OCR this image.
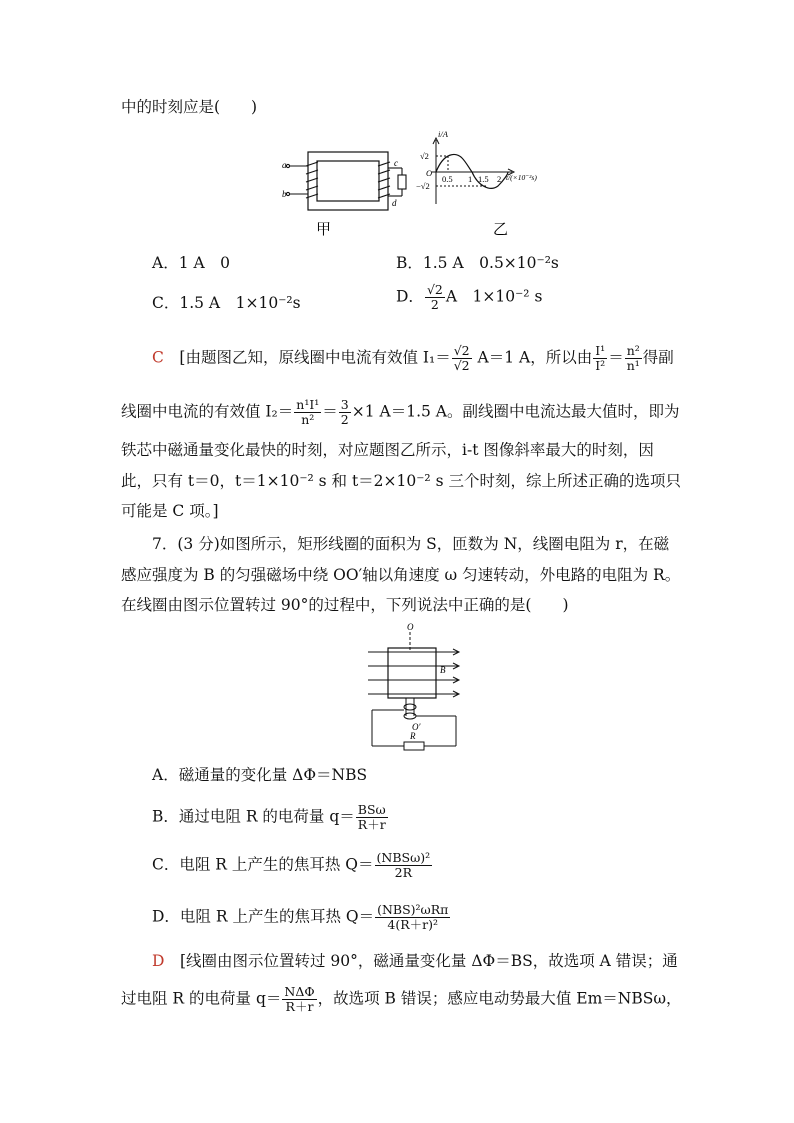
中的时刻应是(　　)
a
b
c
d
i/A
√2
−√2
O
0.5 1 1.5 2 t/(×10⁻²s)
甲	乙
A．1 A　0	B．1.5 A　0.5×10⁻²s
C．1.5 A　1×10⁻²s	D． $\frac{√2}{2}$ A　1×10⁻² s
C　 [由题图乙知，原线圈中电流有效值 $I_1= \frac{√2}{√2} A=1$ A，所以由 $\frac{\text{I¹}}{\text{I²}} = \frac{\text{n²}}{\text{n¹}}$ 得副
线圈中电流的有效值 $I_2= \frac{\text{n¹I¹}}{\text{n²}} = \frac{3}{2} \times 1$ A＝1.5 A。副线圈中电流达最大值时，即为
铁芯中磁通量变化最快的时刻，对应题图乙所示，i-t 图像斜率最大的时刻，因
此，只有 t＝0，t＝1×10⁻² s 和 t＝2×10⁻² s 三个时刻，综上所述正确的选项只
可能是 C 项。]
7．(3 分)如图所示，矩形线圈的面积为 S，匝数为 N，线圈电阻为 r，在磁
感应强度为 B 的匀强磁场中绕 OO′轴以角速度 ω 匀速转动，外电路的电阻为 R。
在线圈由图示位置转过 90°的过程中，下列说法中正确的是(　　)
O
B
O′
R
A．磁通量的变化量 ΔΦ＝NBS
B．通过电阻 R 的电荷量 $q= \frac{\text{BSω}}{R+r}$
C．电阻 R 上产生的焦耳热 $Q= \frac{\text{(NBSω)²}}{2R}$
D．电阻 R 上产生的焦耳热 $Q= \frac{\text{(NBS)²ωRπ}}{\text{4(R＋r)²}}$
D　 [线圈由图示位置转过 90°，磁通量变化量 ΔΦ＝BS，故选项 A 错误；通
过电阻 R 的电荷量 $q= \frac{\text{NΔΦ}}{R+r}$ ，故选项 B 错误；感应电动势最大值 Em＝NBSω，
